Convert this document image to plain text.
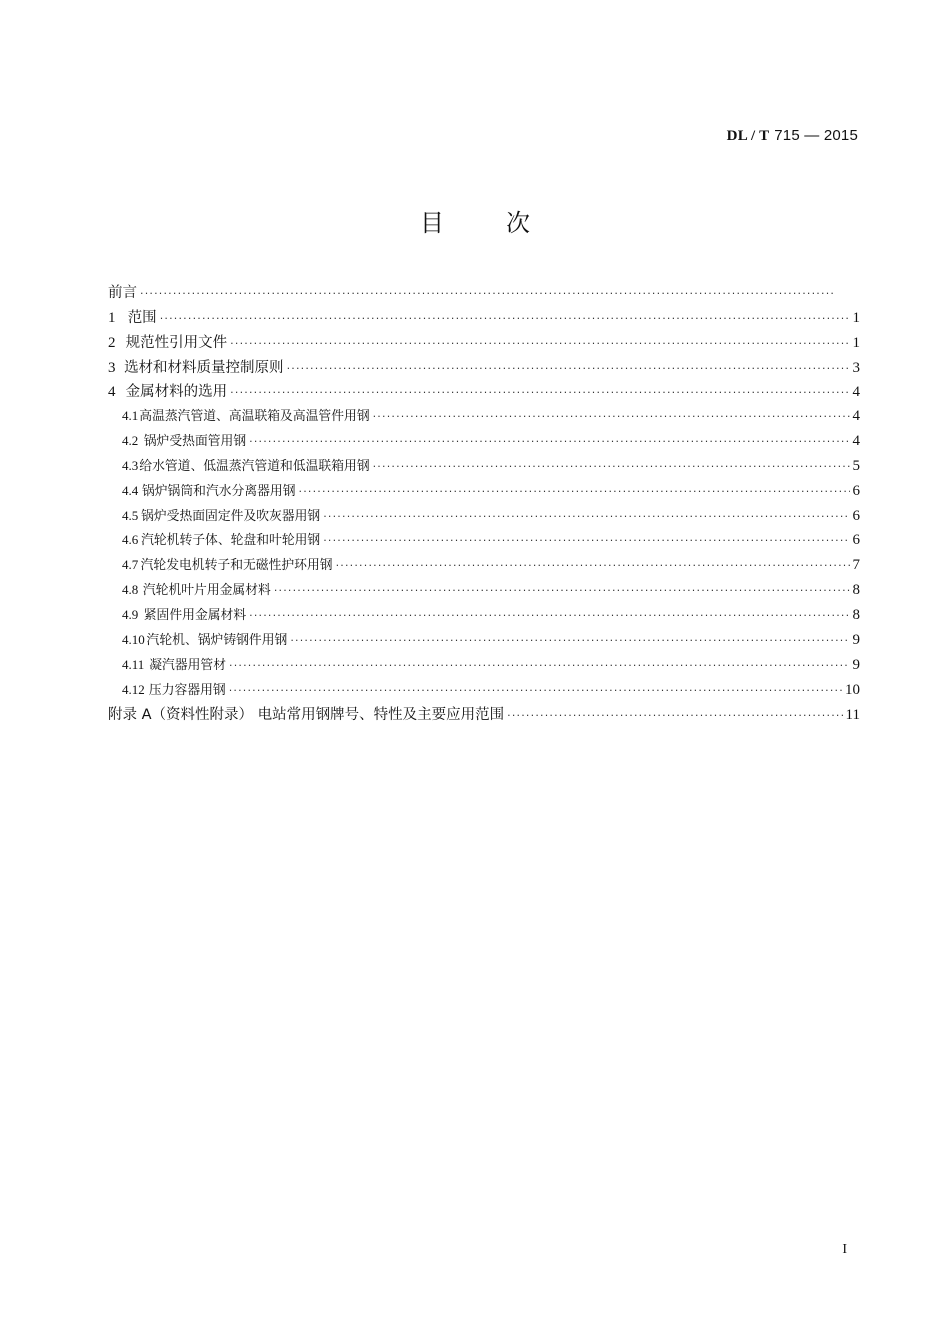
DL / T 715 — 2015
目次
前言
·····
1 范围 ·····	1
2 规范性引用文件 ·····	1
3 选材和材料质量控制原则 ·····	3
4 金属材料的选用 ·····	4
4.1 高温蒸汽管道、高温联箱及高温管件用钢 ·····	4
4.2 锅炉受热面管用钢 ·····	4
4.3 给水管道、低温蒸汽管道和低温联箱用钢 ·····	5
4.4 锅炉锅筒和汽水分离器用钢 ·····	6
4.5 锅炉受热面固定件及吹灰器用钢 ·····	6
4.6 汽轮机转子体、轮盘和叶轮用钢 ·····	6
4.7 汽轮发电机转子和无磁性护环用钢 ·····	7
4.8 汽轮机叶片用金属材料 ·····	8
4.9 紧固件用金属材料 ·····	8
4.10 汽轮机、锅炉铸钢件用钢 ·····	9
4.11 凝汽器用管材 ·····	9
4.12 压力容器用钢 ·····	10
附录 A（资料性附录） 电站常用钢牌号、特性及主要应用范围 ·····	11
I
